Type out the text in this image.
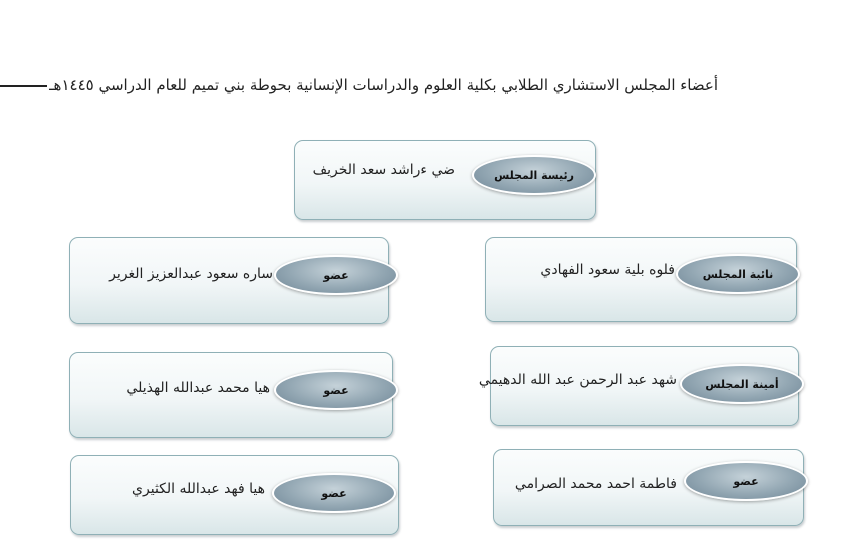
أعضاء المجلس الاستشاري الطلابي بكلية العلوم والدراسات الإنسانية بحوطة بني تميم للعام الدراسي ١٤٤٥هـ
ضي ءراشد سعد الخريف	رئيسة المجلس
فلوه بلية سعود الفهادي	نائبة المجلس
ساره سعود عبدالعزيز الغرير	عضو
شهد عبد الرحمن عبد الله الدهيمي	أمينة المجلس
هيا محمد عبدالله الهذيلي	عضو
فاطمة احمد محمد الصرامي	عضو
هيا فهد عبدالله الكثيري	عضو
